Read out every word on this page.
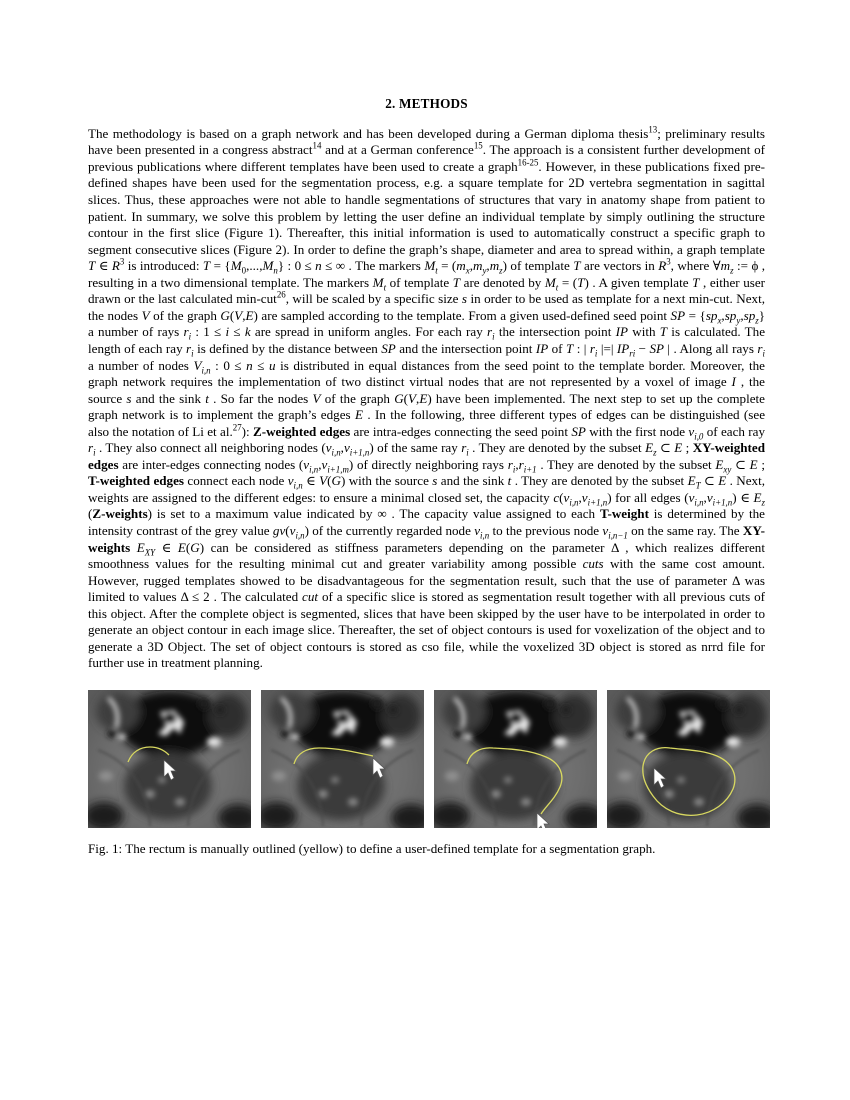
2. METHODS

The methodology is based on a graph network and has been developed during a German diploma thesis$^{13}$; preliminary results have been presented in a congress abstract$^{14}$ and at a German conference$^{15}$. The approach is a consistent further development of previous publications where different templates have been used to create a graph$^{16-25}$. However, in these publications fixed pre-defined shapes have been used for the segmentation process, e.g. a square template for 2D vertebra segmentation in sagittal slices. Thus, these approaches were not able to handle segmentations of structures that vary in anatomy shape from patient to patient. In summary, we solve this problem by letting the user define an individual template by simply outlining the structure contour in the first slice (Figure 1). Thereafter, this initial information is used to automatically construct a specific graph to segment consecutive slices (Figure 2). In order to define the graph’s shape, diameter and area to spread within, a graph template T ∈ $R^3$ is introduced: $T = \{M_0,...,M_n\}$ : 0 ≤ n ≤ ∞ . The markers $M_t = (m_x,m_y,m_z)$ of template T are vectors in $R^3$, where $\forall m_z$ := ϕ , resulting in a two dimensional template. The markers $M_t$ of template T are denoted by $M_t = (T)$ . A given template T , either user drawn or the last calculated min-cut$^{26}$, will be scaled by a specific size s in order to be used as template for a next min-cut. Next, the nodes V of the graph G(V,E) are sampled according to the template. From a given used-defined seed point SP = $\{sp_x,sp_y,sp_z\}$ a number of rays $r_i$ : 1 ≤ i ≤ k are spread in uniform angles. For each ray $r_i$ the intersection point IP with T is calculated. The length of each ray $r_i$ is defined by the distance between SP and the intersection point IP of T : | $r_i$ |=| $IP_{ri}$ − SP | . Along all rays $r_i$ a number of nodes $V_{i,n}$ : 0 ≤ n ≤ u is distributed in equal distances from the seed point to the template border. Moreover, the graph network requires the implementation of two distinct virtual nodes that are not represented by a voxel of image I , the source s and the sink t . So far the nodes V of the graph G(V,E) have been implemented. The next step to set up the complete graph network is to implement the graph’s edges E . In the following, three different types of edges can be distinguished (see also the notation of Li et al.$^{27}$): Z-weighted edges are intra-edges connecting the seed point SP with the first node $v_{i,0}$ of each ray $r_i$ . They also connect all neighboring nodes $(v_{i,n},v_{i+1,n})$ of the same ray $r_i$ . They are denoted by the subset $E_z$ ⊂ E ; XY-weighted edges are inter-edges connecting nodes $(v_{i,n},v_{i+1,m})$ of directly neighboring rays $r_i,r_{i+1}$ . They are denoted by the subset $E_{xy}$ ⊂ E ; T-weighted edges connect each node $v_{i,n}$ ∈ V(G) with the source s and the sink t . They are denoted by the subset $E_T$ ⊂ E . Next, weights are assigned to the different edges: to ensure a minimal closed set, the capacity $c(v_{i,n},v_{i+1,n})$ for all edges $(v_{i,n},v_{i+1,n})$ ∈ $E_z$ (Z-weights) is set to a maximum value indicated by ∞ . The capacity value assigned to each T-weight is determined by the intensity contrast of the grey value $gv(v_{i,n})$ of the currently regarded node $v_{i,n}$ to the previous node $v_{i,n-1}$ on the same ray. The XY-weights $E_{XY}$ ∈ E(G) can be considered as stiffness parameters depending on the parameter Δ , which realizes different smoothness values for the resulting minimal cut and greater variability among possible cuts with the same cost amount. However, rugged templates showed to be disadvantageous for the segmentation result, such that the use of parameter Δ was limited to values Δ ≤ 2 . The calculated cut of a specific slice is stored as segmentation result together with all previous cuts of this object. After the complete object is segmented, slices that have been skipped by the user have to be interpolated in order to generate an object contour in each image slice. Thereafter, the set of object contours is used for voxelization of the object and to generate a 3D Object. The set of object contours is stored as cso file, while the voxelized 3D object is stored as nrrd file for further use in treatment planning.

Fig. 1: The rectum is manually outlined (yellow) to define a user-defined template for a segmentation graph.
